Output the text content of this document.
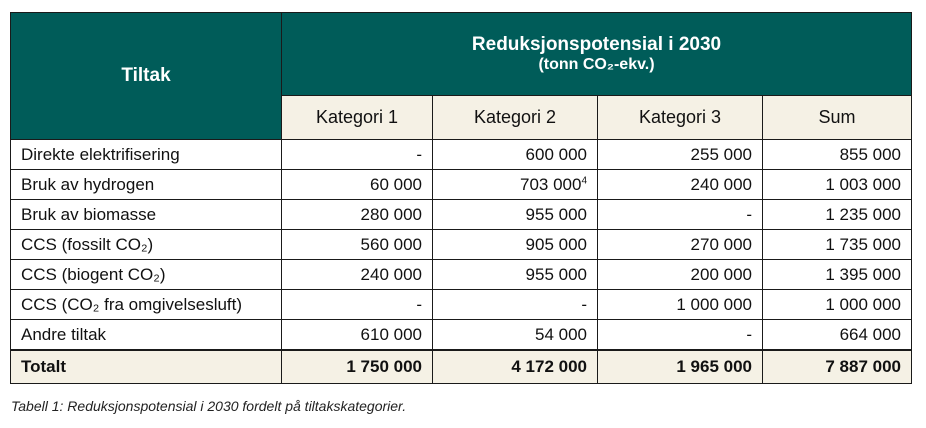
Tiltak	Reduksjonspotensial i 2030
(tonn CO₂-ekv.)			

	Kategori 1	Kategori 2	Kategori 3	Sum
Direkte elektrifisering	-	600 000	255 000	855 000
Bruk av hydrogen	60 000	703 $000^4$	240 000	1 003 000
Bruk av biomasse	280 000	955 000	-	1 235 000
CCS (fossilt CO₂)	560 000	905 000	270 000	1 735 000
CCS (biogent CO₂)	240 000	955 000	200 000	1 395 000
CCS (CO₂ fra omgivelsesluft)	-	-	1 000 000	1 000 000
Andre tiltak	610 000	54 000	-	664 000
Totalt	1 750 000	4 172 000	1 965 000	7 887 000
Tabell 1: Reduksjonspotensial i 2030 fordelt på tiltakskategorier.
